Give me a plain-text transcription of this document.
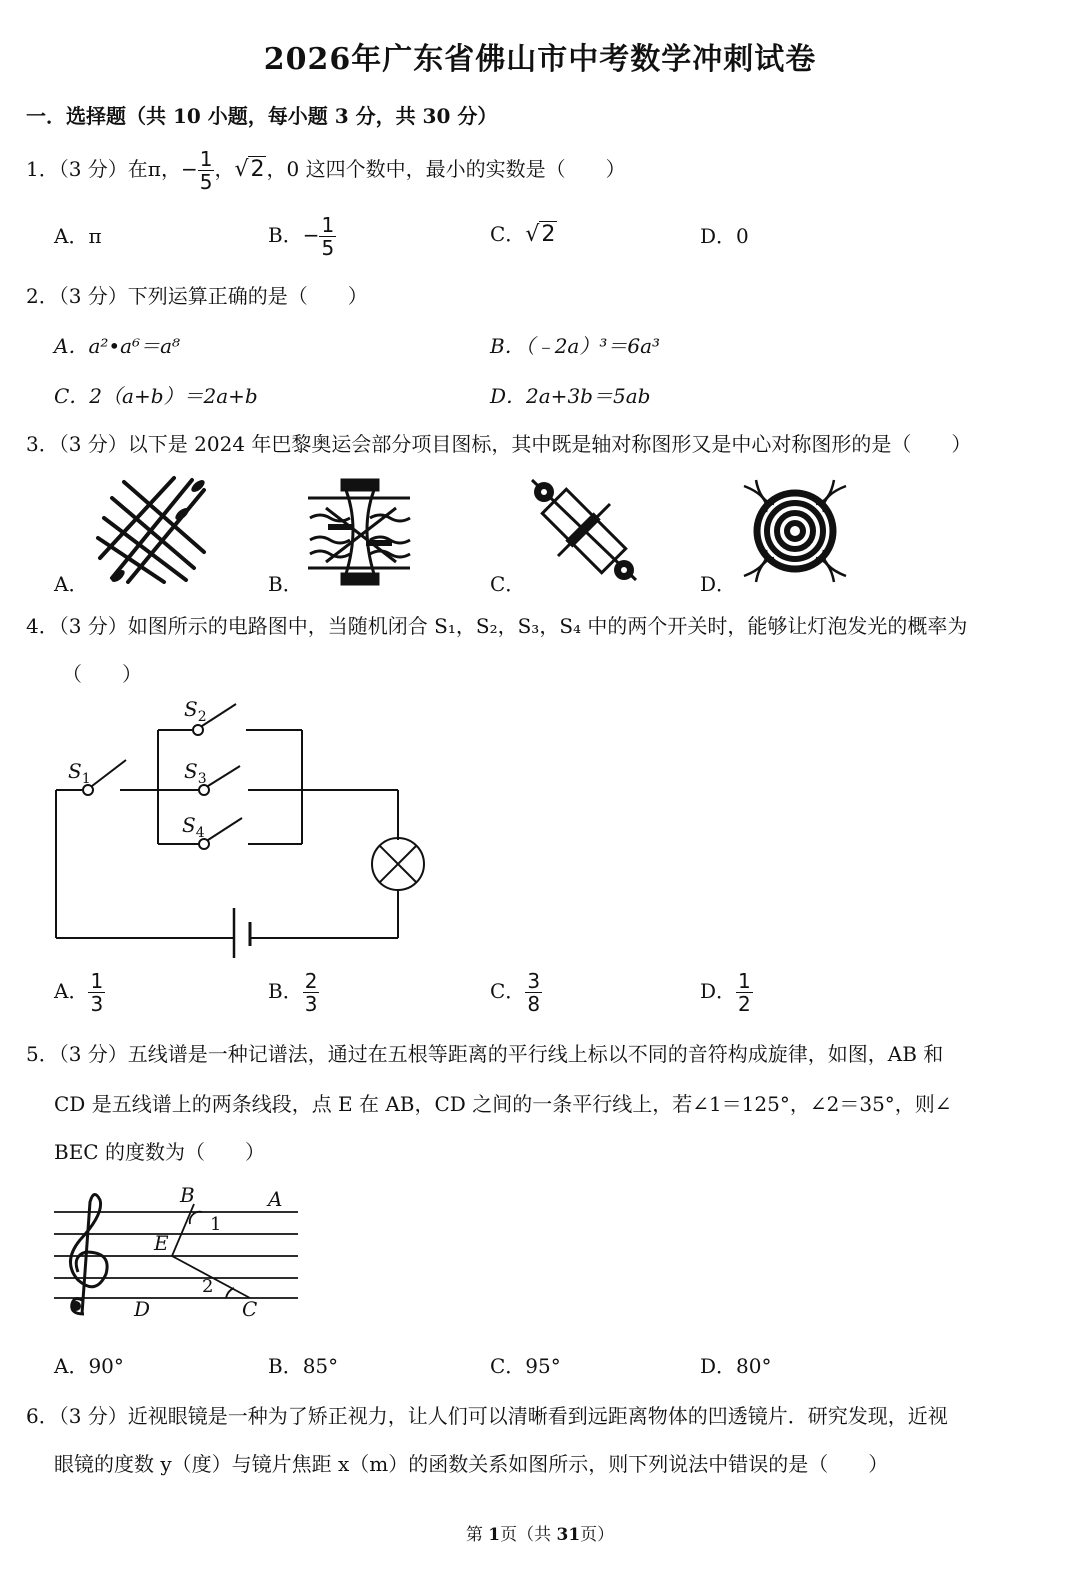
2026年广东省佛山市中考数学冲刺试卷
一．选择题（共 10 小题，每小题 3 分，共 30 分）
1．（3 分）在π，− $\frac{1}{5}$ ，√2 ，0 这四个数中，最小的实数是（　　）
A．π	B．− $\frac{1}{5}$	C．√2	D．0
2．（3 分）下列运算正确的是（　　）
A．a²•a⁶＝a⁸	B．（﹣2a）³＝6a³
C．2（a+b）＝2a+b	D．2a+3b＝5ab
3．（3 分）以下是 2024 年巴黎奥运会部分项目图标，其中既是轴对称图形又是中心对称图形的是（　　）
A．	B．	C．	D．
4．（3 分）如图所示的电路图中，当随机闭合 S₁，S₂，S₃，S₄ 中的两个开关时，能够让灯泡发光的概率为
（　　）
$S_1$
$S_2$
$S_3$
$S_4$
A． $\frac{1}{3}$	B． $\frac{2}{3}$	C． $\frac{3}{8}$	D． $\frac{1}{2}$
5．（3 分）五线谱是一种记谱法，通过在五根等距离的平行线上标以不同的音符构成旋律，如图，AB 和
CD 是五线谱上的两条线段，点 E 在 AB，CD 之间的一条平行线上，若∠1＝125°，∠2＝35°，则∠
BEC 的度数为（　　）
B	A
E
D	C
1
2
A．90°	B．85°	C．95°	D．80°
6．（3 分）近视眼镜是一种为了矫正视力，让人们可以清晰看到远距离物体的凹透镜片．研究发现，近视
眼镜的度数 y（度）与镜片焦距 x（m）的函数关系如图所示，则下列说法中错误的是（　　）
第 1页（共 31页）
